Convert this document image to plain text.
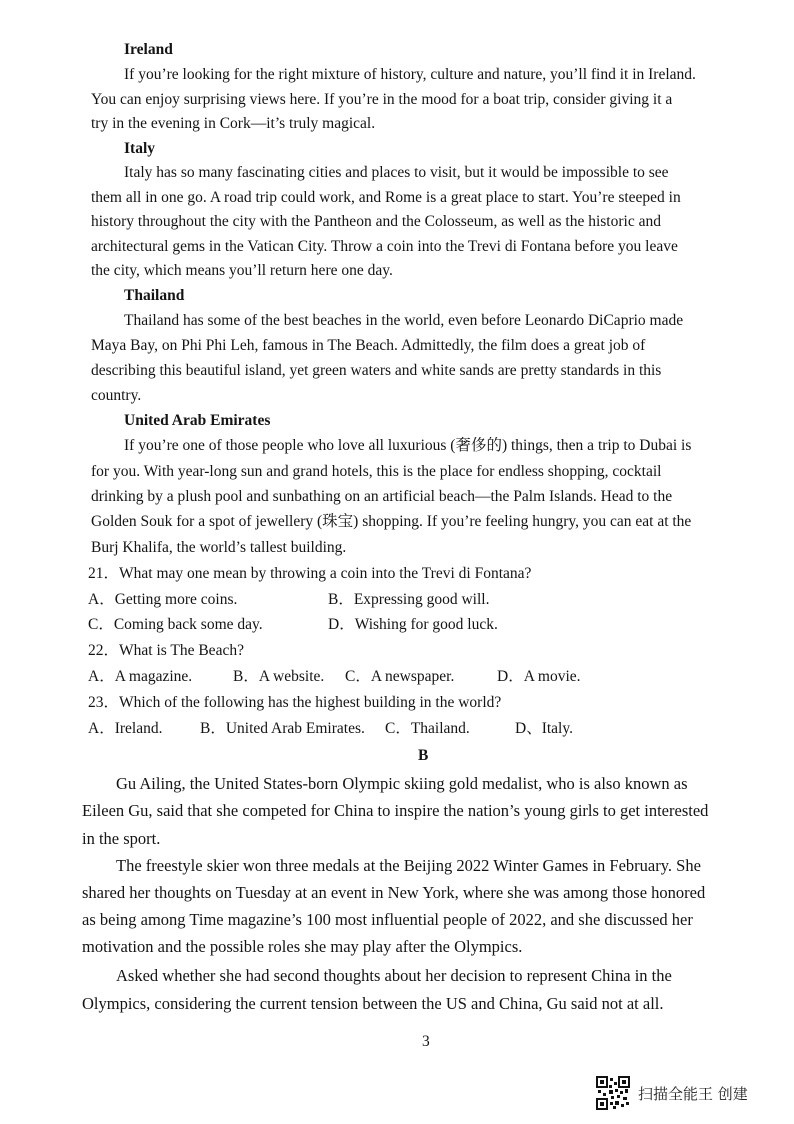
Ireland
If you’re looking for the right mixture of history, culture and nature, you’ll find it in Ireland.
You can enjoy surprising views here. If you’re in the mood for a boat trip, consider giving it a
try in the evening in Cork—it’s truly magical.
Italy
Italy has so many fascinating cities and places to visit, but it would be impossible to see
them all in one go. A road trip could work, and Rome is a great place to start. You’re steeped in
history throughout the city with the Pantheon and the Colosseum, as well as the historic and
architectural gems in the Vatican City. Throw a coin into the Trevi di Fontana before you leave
the city, which means you’ll return here one day.
Thailand
Thailand has some of the best beaches in the world, even before Leonardo DiCaprio made
Maya Bay, on Phi Phi Leh, famous in The Beach. Admittedly, the film does a great job of
describing this beautiful island, yet green waters and white sands are pretty standards in this
country.
United Arab Emirates
If you’re one of those people who love all luxurious (奢侈的) things, then a trip to Dubai is
for you. With year-long sun and grand hotels, this is the place for endless shopping, cocktail
drinking by a plush pool and sunbathing on an artificial beach—the Palm Islands. Head to the
Golden Souk for a spot of jewellery (珠宝) shopping. If you’re feeling hungry, you can eat at the
Burj Khalifa, the world’s tallest building.
21．What may one mean by throwing a coin into the Trevi di Fontana?
A．Getting more coins.	B．Expressing good will.
C．Coming back some day.	D．Wishing for good luck.
22．What is The Beach?
A．A magazine.	B．A website. C．A newspaper.	D．A movie.
23．Which of the following has the highest building in the world?
A．Ireland. B．United Arab Emirates. C．Thailand.	D、Italy.
B
Gu Ailing, the United States-born Olympic skiing gold medalist, who is also known as
Eileen Gu, said that she competed for China to inspire the nation’s young girls to get interested
in the sport.
The freestyle skier won three medals at the Beijing 2022 Winter Games in February. She
shared her thoughts on Tuesday at an event in New York, where she was among those honored
as being among Time magazine’s 100 most influential people of 2022, and she discussed her
motivation and the possible roles she may play after the Olympics.
Asked whether she had second thoughts about her decision to represent China in the
Olympics, considering the current tension between the US and China, Gu said not at all.
3
扫描全能王 创建
